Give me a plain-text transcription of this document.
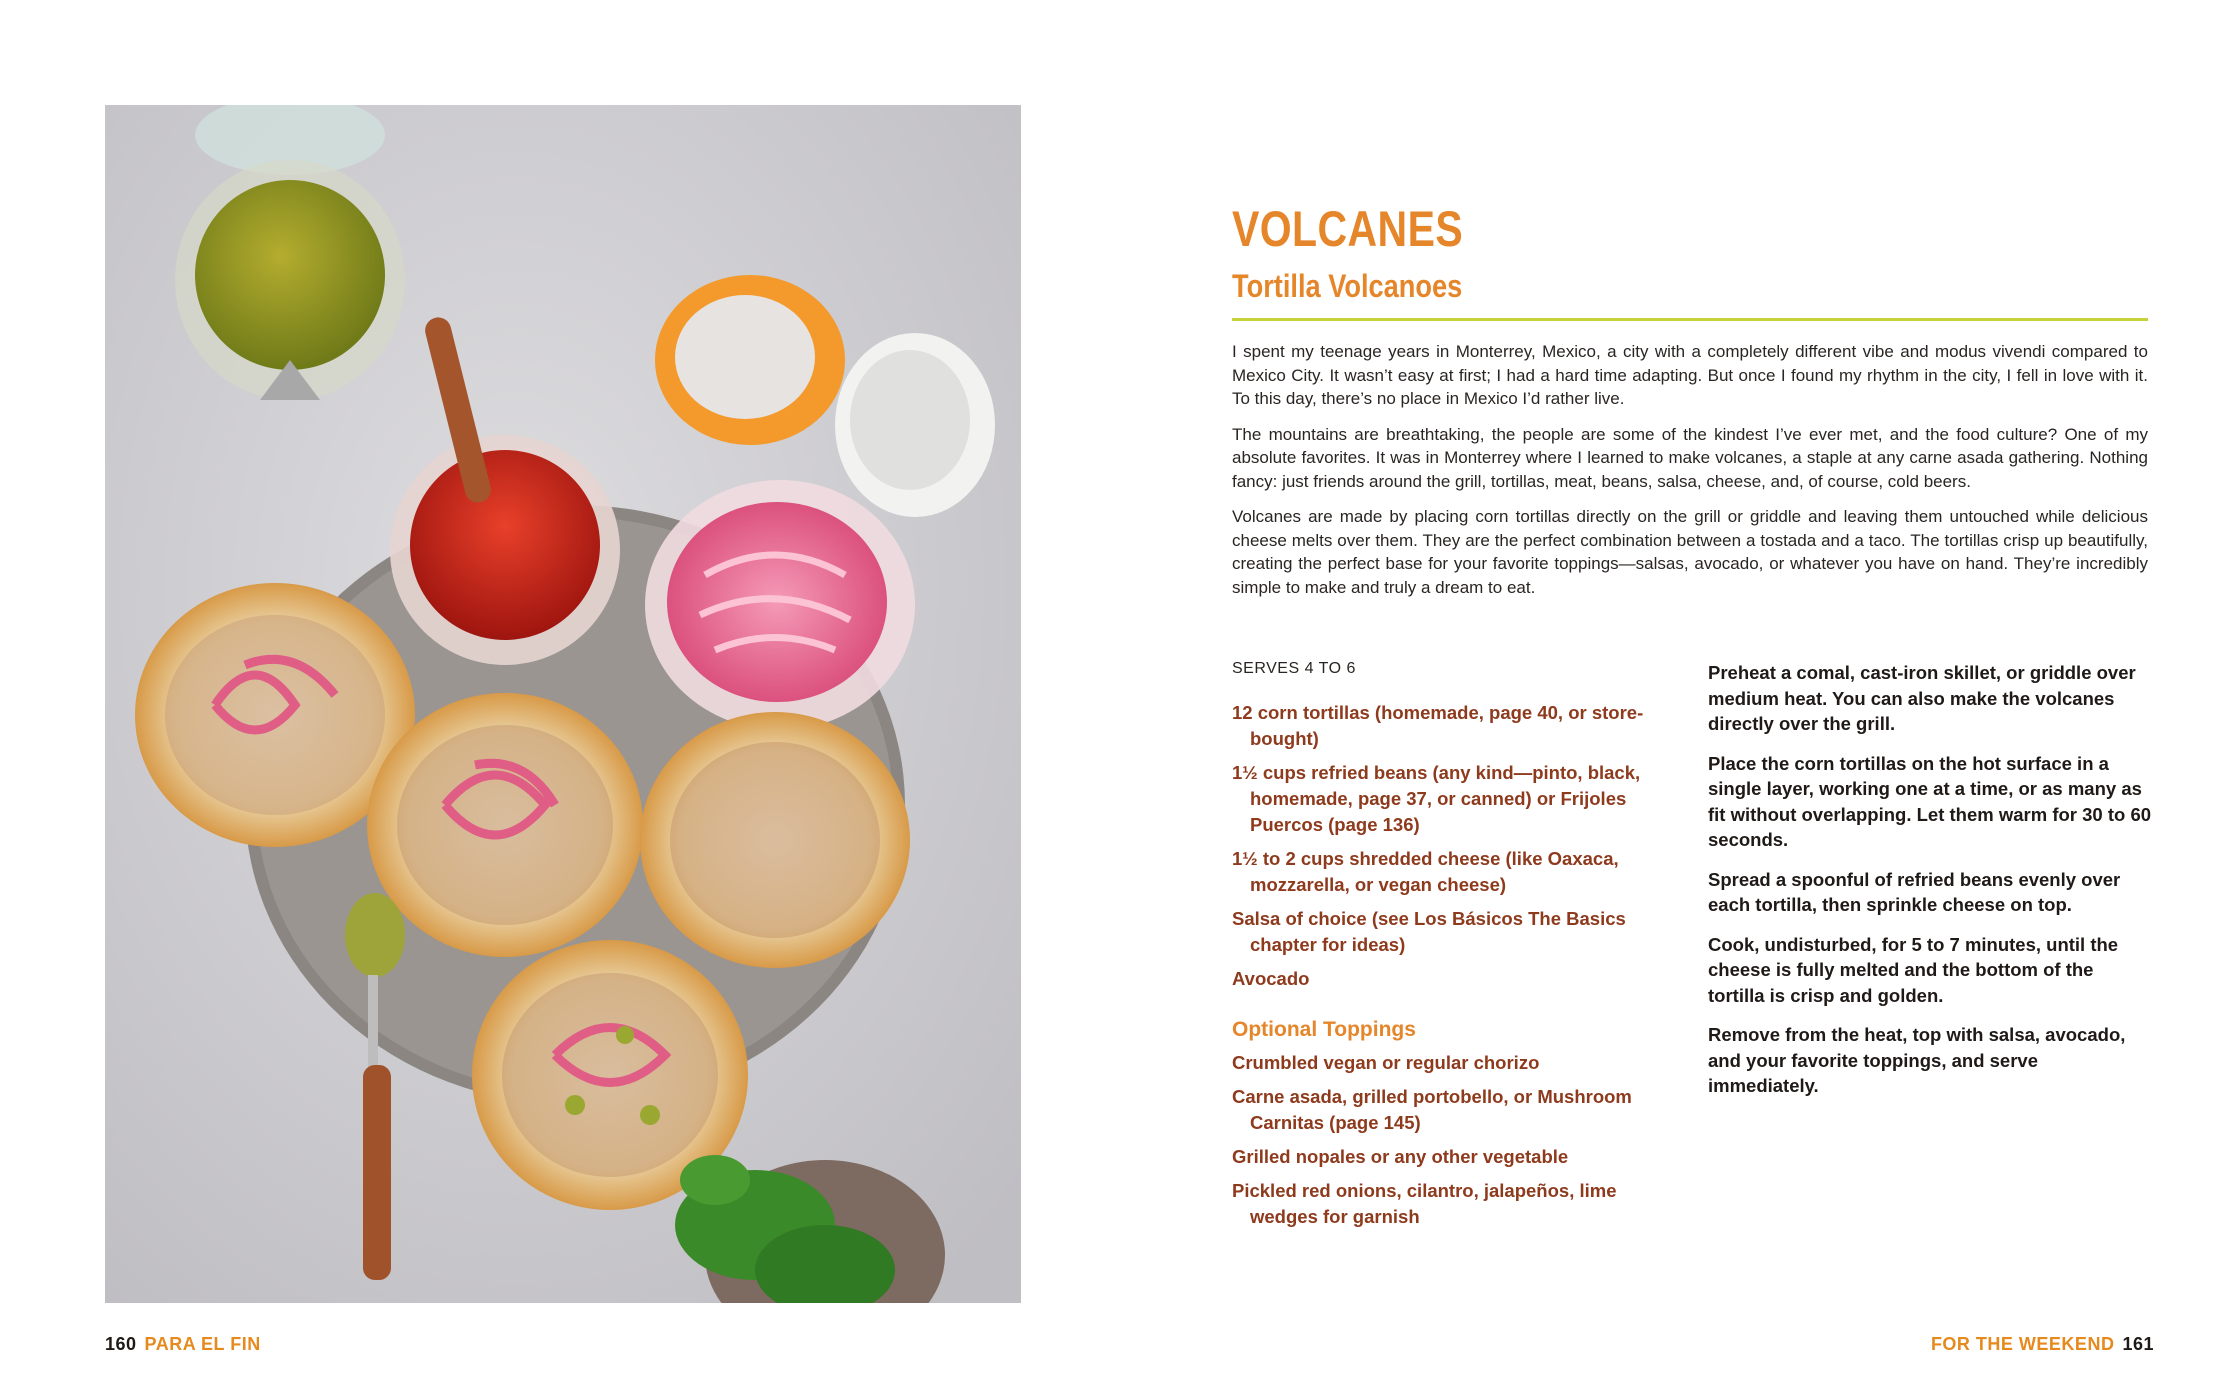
160 PARA EL FIN
VOLCANES
Tortilla Volcanoes

I spent my teenage years in Monterrey, Mexico, a city with a completely different vibe and modus vivendi compared to Mexico City. It wasn’t easy at first; I had a hard time adapting. But once I found my rhythm in the city, I fell in love with it. To this day, there’s no place in Mexico I’d rather live.

The mountains are breathtaking, the people are some of the kindest I’ve ever met, and the food culture? One of my absolute favorites. It was in Monterrey where I learned to make volcanes, a staple at any carne asada gathering. Nothing fancy: just friends around the grill, tortillas, meat, beans, salsa, cheese, and, of course, cold beers.

Volcanes are made by placing corn tortillas directly on the grill or griddle and leaving them untouched while delicious cheese melts over them. They are the perfect combination between a tostada and a taco. The tortillas crisp up beautifully, creating the perfect base for your favorite toppings—salsas, avocado, or whatever you have on hand. They’re incredibly simple to make and truly a dream to eat.

SERVES 4 TO 6
12 corn tortillas (homemade, page 40, or store-bought)
1½ cups refried beans (any kind—pinto, black, homemade, page 37, or canned) or Frijoles Puercos (page 136)
1½ to 2 cups shredded cheese (like Oaxaca, mozzarella, or vegan cheese)
Salsa of choice (see Los Básicos The Basics chapter for ideas)
Avocado
Optional Toppings
Crumbled vegan or regular chorizo
Carne asada, grilled portobello, or Mushroom Carnitas (page 145)
Grilled nopales or any other vegetable
Pickled red onions, cilantro, jalapeños, lime wedges for garnish

Preheat a comal, cast-iron skillet, or griddle over medium heat. You can also make the volcanes directly over the grill.

Place the corn tortillas on the hot surface in a single layer, working one at a time, or as many as fit without overlapping. Let them warm for 30 to 60 seconds.

Spread a spoonful of refried beans evenly over each tortilla, then sprinkle cheese on top.

Cook, undisturbed, for 5 to 7 minutes, until the cheese is fully melted and the bottom of the tortilla is crisp and golden.

Remove from the heat, top with salsa, avocado, and your favorite toppings, and serve immediately.

FOR THE WEEKEND 161
